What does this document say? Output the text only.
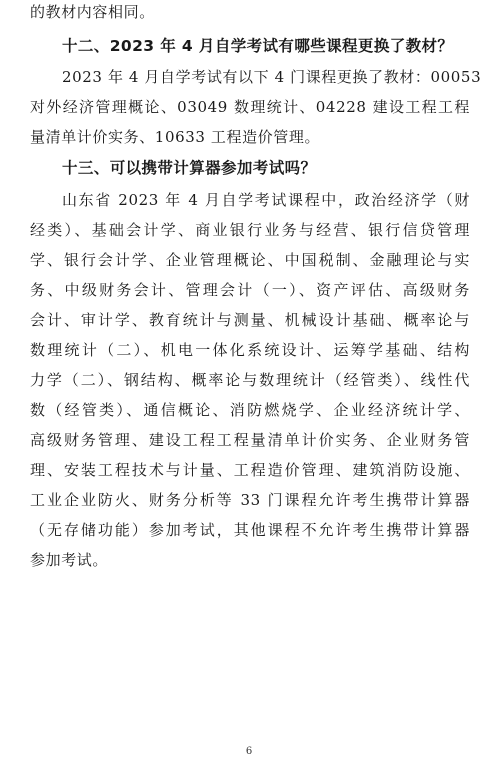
的教材内容相同。
十二、2023 年 4 月自学考试有哪些课程更换了教材？
2023 年 4 月自学考试有以下 4 门课程更换了教材：00053
对外经济管理概论、03049 数理统计、04228 建设工程工程
量清单计价实务、10633 工程造价管理。
十三、可以携带计算器参加考试吗？
山东省 2023 年 4 月自学考试课程中，政治经济学（财
经类）、基础会计学、商业银行业务与经营、银行信贷管理
学、银行会计学、企业管理概论、中国税制、金融理论与实
务、中级财务会计、管理会计（一）、资产评估、高级财务
会计、审计学、教育统计与测量、机械设计基础、概率论与
数理统计（二）、机电一体化系统设计、运筹学基础、结构
力学（二）、钢结构、概率论与数理统计（经管类）、线性代
数（经管类）、通信概论、消防燃烧学、企业经济统计学、
高级财务管理、建设工程工程量清单计价实务、企业财务管
理、安装工程技术与计量、工程造价管理、建筑消防设施、
工业企业防火、财务分析等 33 门课程允许考生携带计算器
（无存储功能）参加考试，其他课程不允许考生携带计算器
参加考试。
6
